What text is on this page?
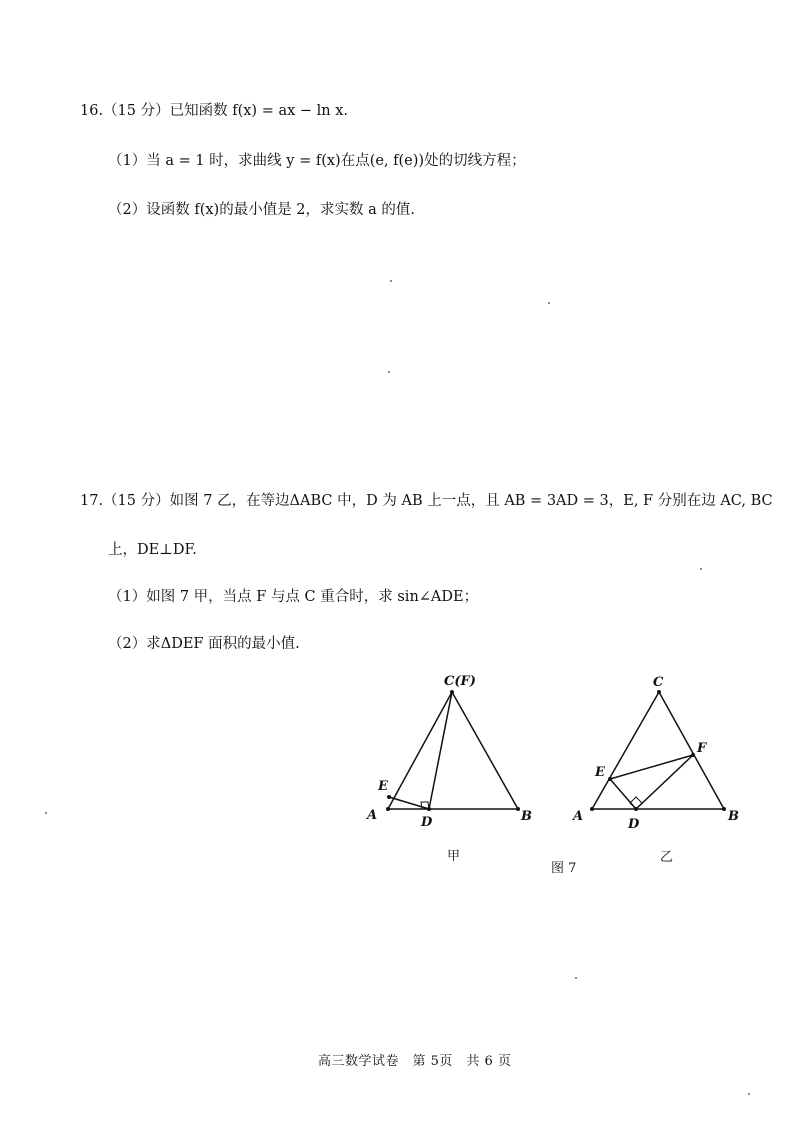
16.（15 分）已知函数 f(x) = ax − ln x.
（1）当 a = 1 时，求曲线 y = f(x)在点(e, f(e))处的切线方程；
（2）设函数 f(x)的最小值是 2，求实数 a 的值.
17.（15 分）如图 7 乙，在等边ΔABC 中，D 为 AB 上一点，且 AB = 3AD = 3，E, F 分别在边 AC, BC
上，DE⊥DF.
（1）如图 7 甲，当点 F 与点 C 重合时，求 sin∠ADE；
（2）求ΔDEF 面积的最小值.
C(F)
E
A	D	B
C
F
E
A
D
B
甲
图 7
乙
高三数学试卷　第 5页　共 6 页
